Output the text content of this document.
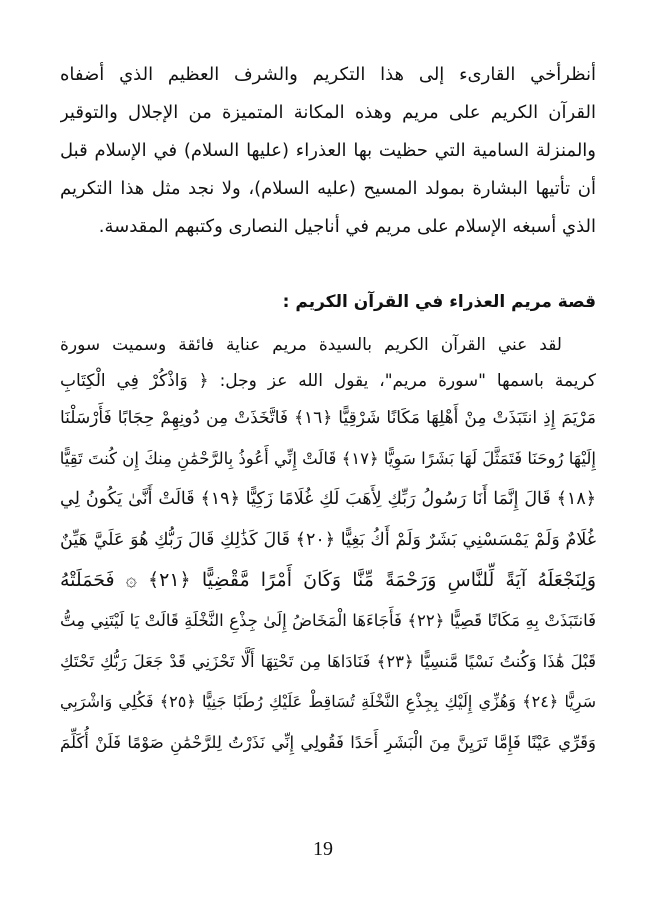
أنظرأخي القارىء إلى هذا التكريم والشرف العظيم الذي أضفاه
القرآن الكريم على مريم وهذه المكانة المتميزة من الإجلال والتوقير
والمنزلة السامية التي حظيت بها العذراء (عليها السلام) في الإسلام قبل
أن تأتيها البشارة بمولد المسيح (عليه السلام)، ولا نجد مثل هذا التكريم
الذي أسبغه الإسلام على مريم في أناجيل النصارى وكتبهم المقدسة.
قصة مريم العذراء في القرآن الكريم :
لقد عني القرآن الكريم بالسيدة مريم عناية فائقة وسميت سورة
كريمة باسمها "سورة مريم"، يقول الله عز وجل: ﴿ وَاذْكُرْ فِي الْكِتَابِ
مَرْيَمَ إِذِ انتَبَذَتْ مِنْ أَهْلِهَا مَكَانًا شَرْقِيًّا ﴿١٦﴾ فَاتَّخَذَتْ مِن دُونِهِمْ حِجَابًا فَأَرْسَلْنَا
إِلَيْهَا رُوحَنَا فَتَمَثَّلَ لَهَا بَشَرًا سَوِيًّا ﴿١٧﴾ قَالَتْ إِنِّي أَعُوذُ بِالرَّحْمَٰنِ مِنكَ إِن كُنتَ تَقِيًّا
﴿١٨﴾ قَالَ إِنَّمَا أَنَا رَسُولُ رَبِّكِ لِأَهَبَ لَكِ غُلَامًا زَكِيًّا ﴿١٩﴾ قَالَتْ أَنَّىٰ يَكُونُ لِي
غُلَامٌ وَلَمْ يَمْسَسْنِي بَشَرٌ وَلَمْ أَكُ بَغِيًّا ﴿٢٠﴾ قَالَ كَذَٰلِكِ قَالَ رَبُّكِ هُوَ عَلَيَّ هَيِّنٌ
وَلِنَجْعَلَهُ آيَةً لِّلنَّاسِ وَرَحْمَةً مِّنَّا وَكَانَ أَمْرًا مَّقْضِيًّا ﴿٢١﴾ ۞ فَحَمَلَتْهُ
فَانتَبَذَتْ بِهِ مَكَانًا قَصِيًّا ﴿٢٢﴾ فَأَجَاءَهَا الْمَخَاضُ إِلَىٰ جِذْعِ النَّخْلَةِ قَالَتْ يَا لَيْتَنِي مِتُّ
قَبْلَ هَٰذَا وَكُنتُ نَسْيًا مَّنسِيًّا ﴿٢٣﴾ فَنَادَاهَا مِن تَحْتِهَا أَلَّا تَحْزَنِي قَدْ جَعَلَ رَبُّكِ تَحْتَكِ
سَرِيًّا ﴿٢٤﴾ وَهُزِّي إِلَيْكِ بِجِذْعِ النَّخْلَةِ تُسَاقِطْ عَلَيْكِ رُطَبًا جَنِيًّا ﴿٢٥﴾ فَكُلِي وَاشْرَبِي
وَقَرِّي عَيْنًا فَإِمَّا تَرَيِنَّ مِنَ الْبَشَرِ أَحَدًا فَقُولِي إِنِّي نَذَرْتُ لِلرَّحْمَٰنِ صَوْمًا فَلَنْ أُكَلِّمَ
19
